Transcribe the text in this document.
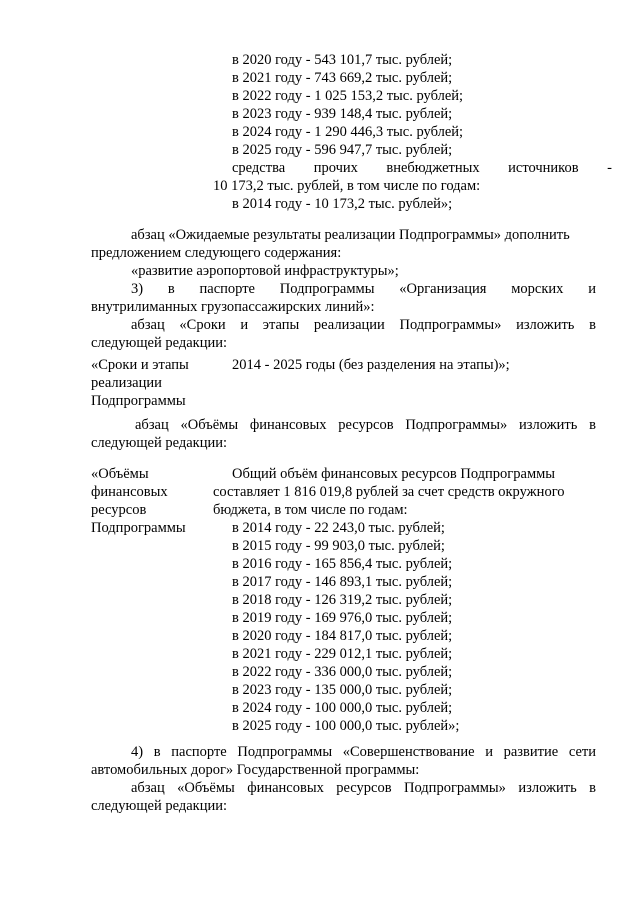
в 2020 году - 543 101,7 тыс. рублей;
в 2021 году - 743 669,2 тыс. рублей;
в 2022 году - 1 025 153,2 тыс. рублей;
в 2023 году - 939 148,4 тыс. рублей;
в 2024 году - 1 290 446,3 тыс. рублей;
в 2025 году - 596 947,7 тыс. рублей;
средства прочих внебюджетных источников -
10 173,2 тыс. рублей, в том числе по годам:
в 2014 году - 10 173,2 тыс. рублей»;
абзац «Ожидаемые результаты реализации Подпрограммы» дополнить
предложением следующего содержания:
«развитие аэропортовой инфраструктуры»;
3) в паспорте Подпрограммы «Организация морских и
внутрилиманных грузопассажирских линий»:
абзац «Сроки и этапы реализации Подпрограммы» изложить в
следующей редакции:
«Сроки и этапы
реализации
Подпрограммы
2014 - 2025 годы (без разделения на этапы)»;
абзац «Объёмы финансовых ресурсов Подпрограммы» изложить в
следующей редакции:
«Объёмы
финансовых
ресурсов
Подпрограммы
Общий объём финансовых ресурсов Подпрограммы
составляет 1 816 019,8 рублей за счет средств окружного
бюджета, в том числе по годам:
в 2014 году - 22 243,0 тыс. рублей;
в 2015 году - 99 903,0 тыс. рублей;
в 2016 году - 165 856,4 тыс. рублей;
в 2017 году - 146 893,1 тыс. рублей;
в 2018 году - 126 319,2 тыс. рублей;
в 2019 году - 169 976,0 тыс. рублей;
в 2020 году - 184 817,0 тыс. рублей;
в 2021 году - 229 012,1 тыс. рублей;
в 2022 году - 336 000,0 тыс. рублей;
в 2023 году - 135 000,0 тыс. рублей;
в 2024 году - 100 000,0 тыс. рублей;
в 2025 году - 100 000,0 тыс. рублей»;
4) в паспорте Подпрограммы «Совершенствование и развитие сети
автомобильных дорог» Государственной программы:
абзац «Объёмы финансовых ресурсов Подпрограммы» изложить в
следующей редакции:
